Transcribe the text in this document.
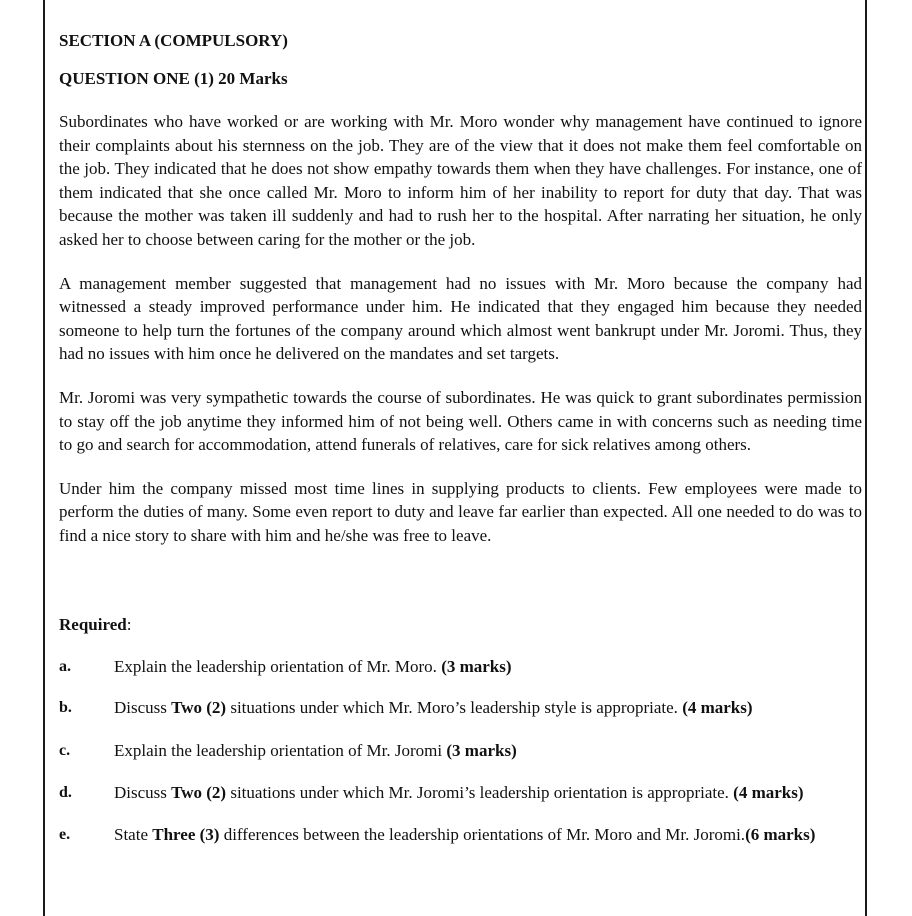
SECTION A (COMPULSORY)
QUESTION ONE (1) 20 Marks

Subordinates who have worked or are working with Mr. Moro wonder why management have continued to ignore their complaints about his sternness on the job. They are of the view that it does not make them feel comfortable on the job. They indicated that he does not show empathy towards them when they have challenges. For instance, one of them indicated that she once called Mr. Moro to inform him of her inability to report for duty that day. That was because the mother was taken ill suddenly and had to rush her to the hospital. After narrating her situation, he only asked her to choose between caring for the mother or the job.

A management member suggested that management had no issues with Mr. Moro because the company had witnessed a steady improved performance under him. He indicated that they engaged him because they needed someone to help turn the fortunes of the company around which almost went bankrupt under Mr. Joromi. Thus, they had no issues with him once he delivered on the mandates and set targets.

Mr. Joromi was very sympathetic towards the course of subordinates. He was quick to grant subordinates permission to stay off the job anytime they informed him of not being well. Others came in with concerns such as needing time to go and search for accommodation, attend funerals of relatives, care for sick relatives among others.

Under him the company missed most time lines in supplying products to clients. Few employees were made to perform the duties of many. Some even report to duty and leave far earlier than expected. All one needed to do was to find a nice story to share with him and he/she was free to leave.

Required:

a.	Explain the leadership orientation of Mr. Moro. (3 marks)
b. Discuss Two (2) situations under which Mr. Moro’s leadership style is appropriate. (4 marks)
c.	Explain the leadership orientation of Mr. Joromi (3 marks)
d. Discuss Two (2) situations under which Mr. Joromi’s leadership orientation is appropriate. (4 marks)
e.	State Three (3) differences between the leadership orientations of Mr. Moro and Mr. Joromi.(6 marks)
